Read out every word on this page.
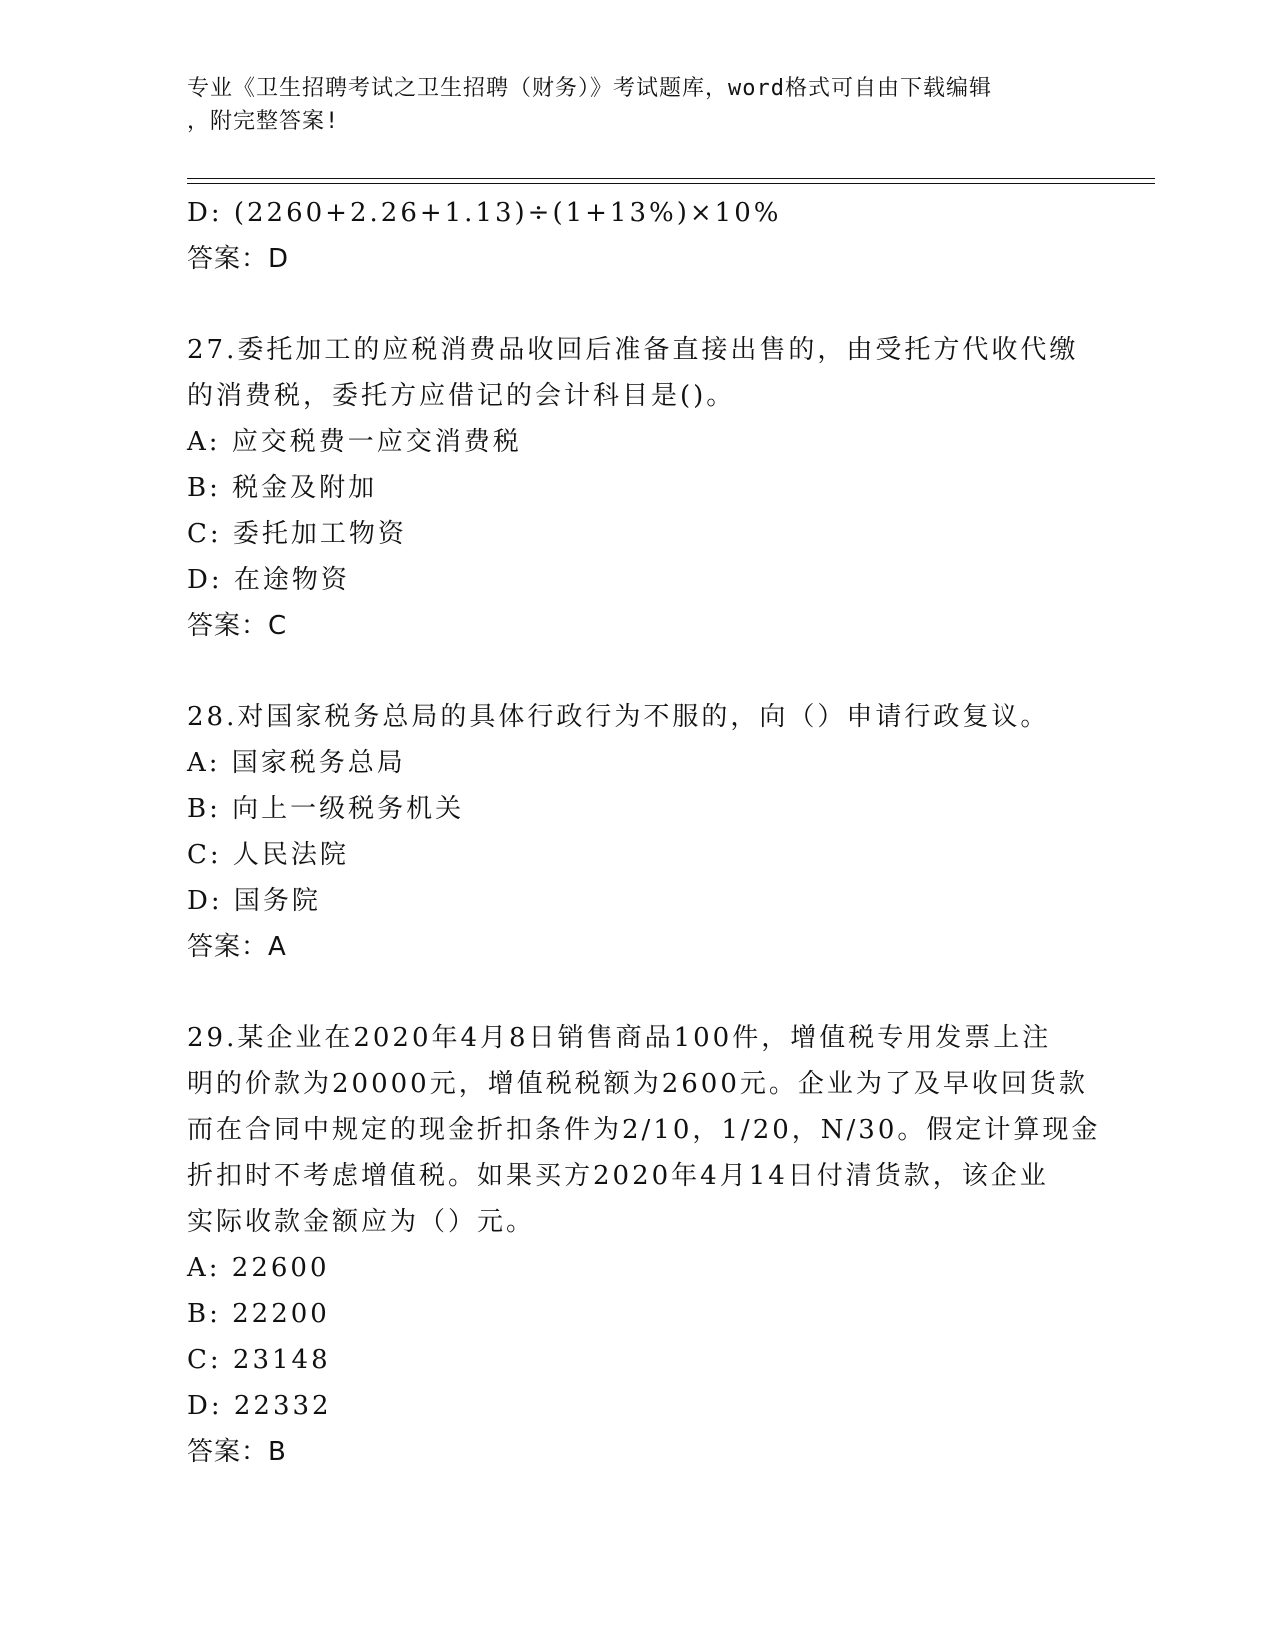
专业《卫生招聘考试之卫生招聘（财务）》考试题库，word格式可自由下载编辑
，附完整答案!
D: (2260+2.26+1.13)÷(1+13%)×10%
答案：D
27.委托加工的应税消费品收回后准备直接出售的，由受托方代收代缴
的消费税，委托方应借记的会计科目是()。
A: 应交税费一应交消费税
B: 税金及附加
C: 委托加工物资
D: 在途物资
答案：C
28.对国家税务总局的具体行政行为不服的，向（）申请行政复议。
A: 国家税务总局
B: 向上一级税务机关
C: 人民法院
D: 国务院
答案：A
29.某企业在2020年4月8日销售商品100件，增值税专用发票上注
明的价款为20000元，增值税税额为2600元。企业为了及早收回货款
而在合同中规定的现金折扣条件为2/10，1/20，N/30。假定计算现金
折扣时不考虑增值税。如果买方2020年4月14日付清货款，该企业
实际收款金额应为（）元。
A: 22600
B: 22200
C: 23148
D: 22332
答案：B
